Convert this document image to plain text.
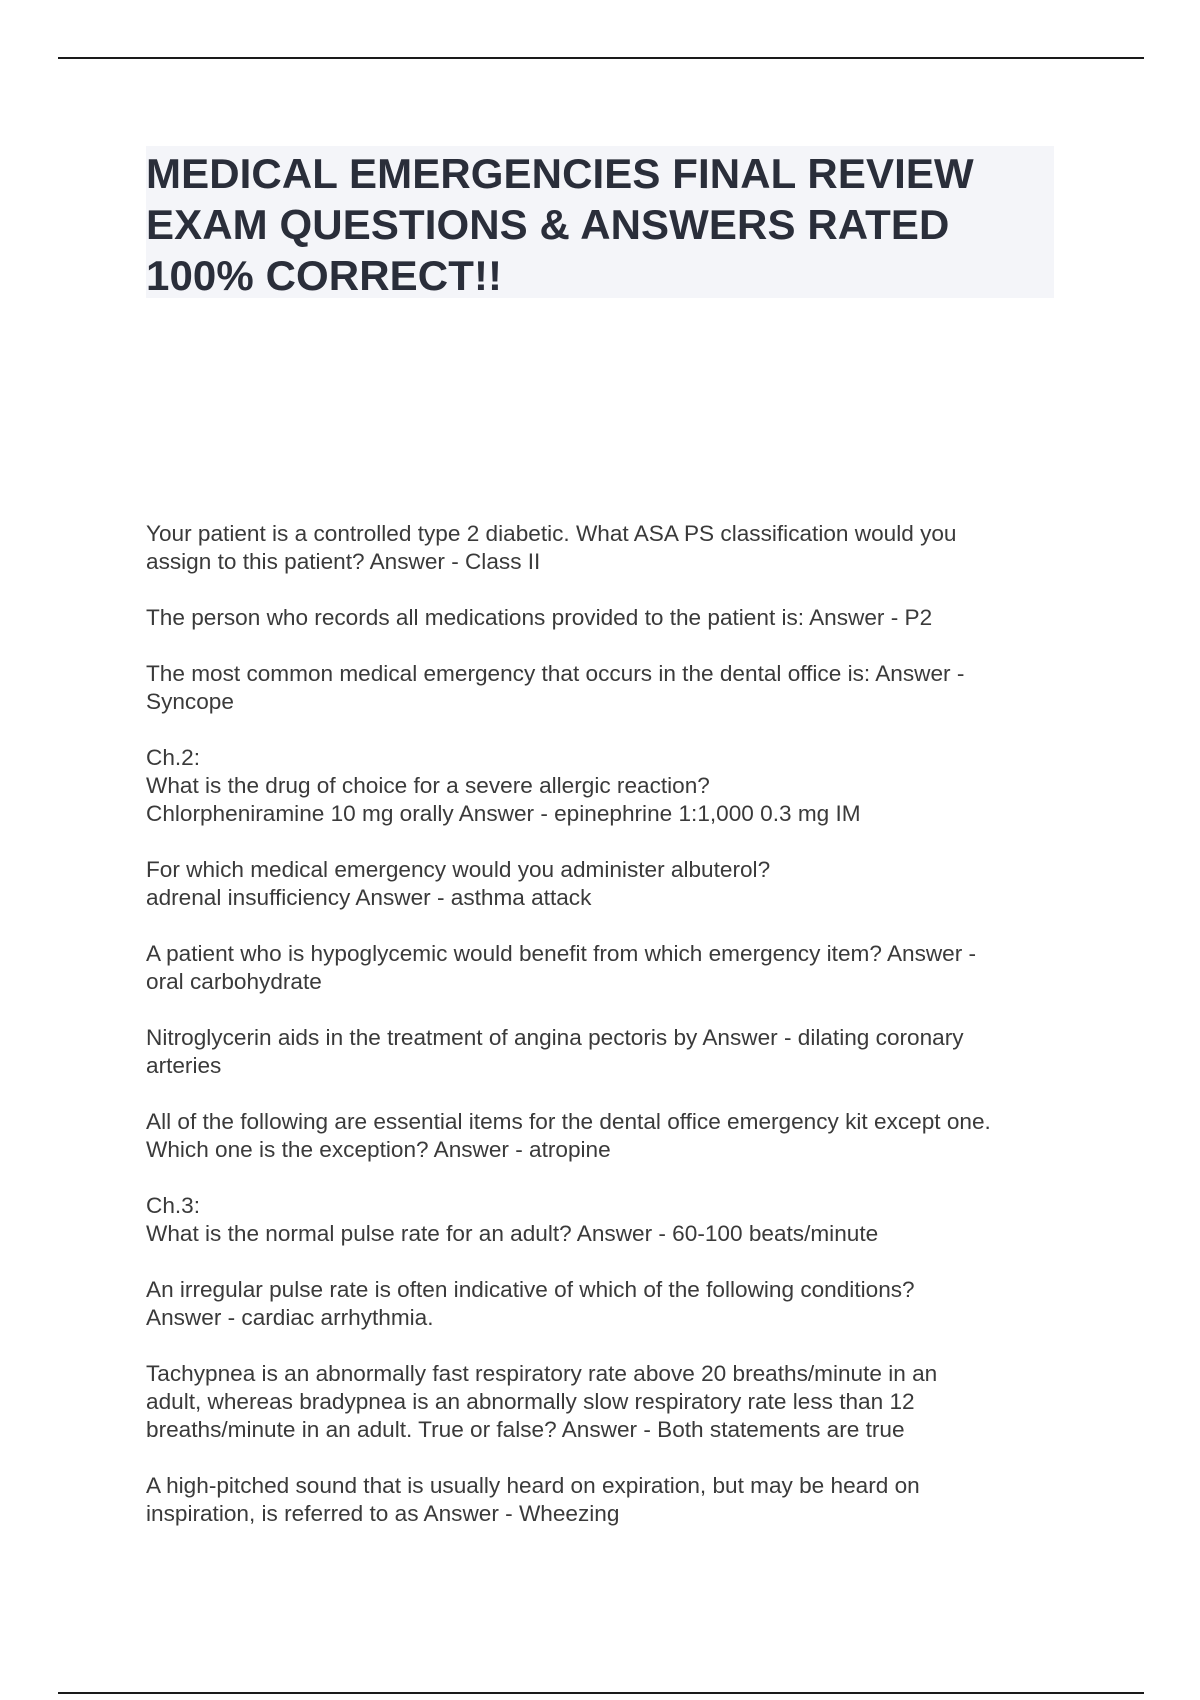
MEDICAL EMERGENCIES FINAL REVIEW
EXAM QUESTIONS & ANSWERS RATED
100% CORRECT!!

Your patient is a controlled type 2 diabetic. What ASA PS classification would you
assign to this patient? Answer - Class II

The person who records all medications provided to the patient is: Answer - P2

The most common medical emergency that occurs in the dental office is: Answer -
Syncope

Ch.2:
What is the drug of choice for a severe allergic reaction?
Chlorpheniramine 10 mg orally Answer - epinephrine 1:1,000 0.3 mg IM

For which medical emergency would you administer albuterol?
adrenal insufficiency Answer - asthma attack

A patient who is hypoglycemic would benefit from which emergency item? Answer -
oral carbohydrate

Nitroglycerin aids in the treatment of angina pectoris by Answer - dilating coronary
arteries

All of the following are essential items for the dental office emergency kit except one.
Which one is the exception? Answer - atropine

Ch.3:
What is the normal pulse rate for an adult? Answer - 60-100 beats/minute

An irregular pulse rate is often indicative of which of the following conditions?
Answer - cardiac arrhythmia.

Tachypnea is an abnormally fast respiratory rate above 20 breaths/minute in an
adult, whereas bradypnea is an abnormally slow respiratory rate less than 12
breaths/minute in an adult. True or false? Answer - Both statements are true

A high-pitched sound that is usually heard on expiration, but may be heard on
inspiration, is referred to as Answer - Wheezing
